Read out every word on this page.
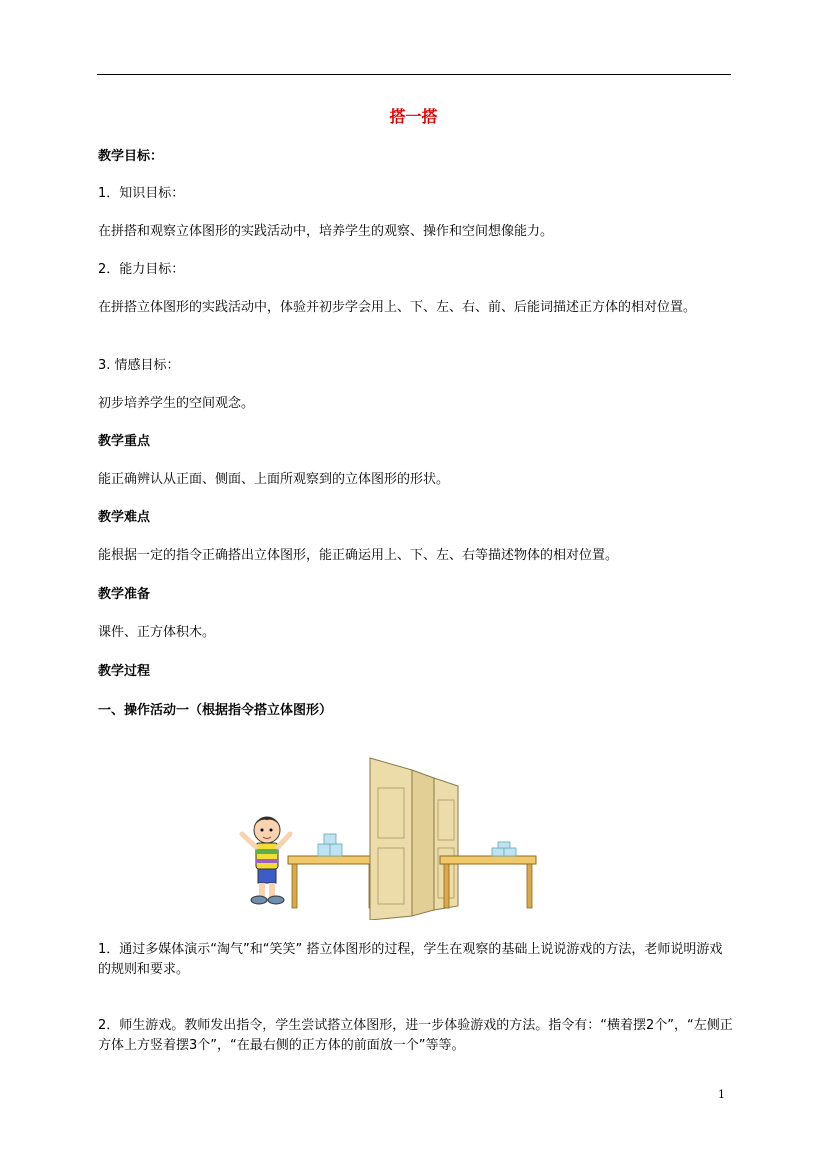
搭一搭
教学目标：
1．知识目标：
在拼搭和观察立体图形的实践活动中，培养学生的观察、操作和空间想像能力。
2．能力目标：
在拼搭立体图形的实践活动中，体验并初步学会用上、下、左、右、前、后能词描述正方体的相对位置。
3. 情感目标：
初步培养学生的空间观念。
教学重点
能正确辨认从正面、侧面、上面所观察到的立体图形的形状。
教学难点
能根据一定的指令正确搭出立体图形，能正确运用上、下、左、右等描述物体的相对位置。
教学准备
课件、正方体积木。
教学过程
一、操作活动一（根据指令搭立体图形）
1．通过多媒体演示“淘气”和“笑笑” 搭立体图形的过程，学生在观察的基础上说说游戏的方法，老师说明游戏的规则和要求。
2．师生游戏。教师发出指令，学生尝试搭立体图形，进一步体验游戏的方法。指令有：“横着摆2个”，“左侧正方体上方竖着摆3个”，“在最右侧的正方体的前面放一个”等等。
1
